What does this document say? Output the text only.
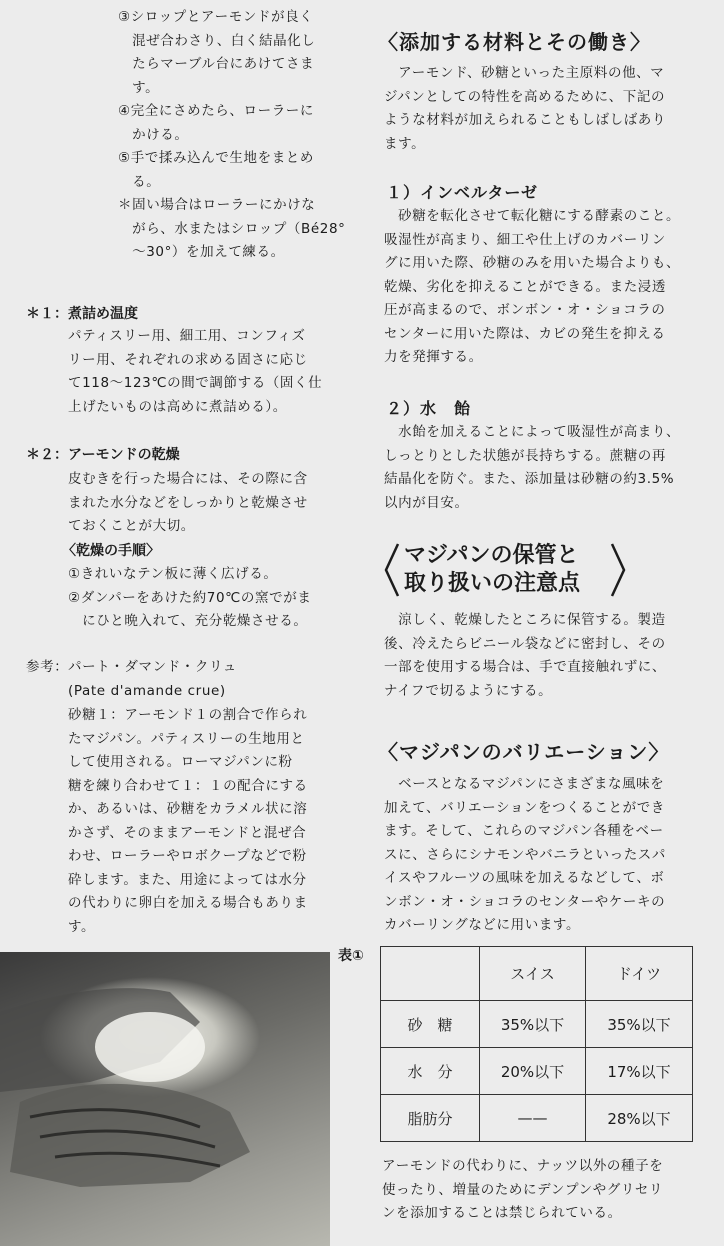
③シロップとアーモンドが良く
　混ぜ合わさり、白く結晶化し
　たらマーブル台にあけてさま
　す。
④完全にさめたら、ローラーに
　かける。
⑤手で揉み込んで生地をまとめ
　る。
＊固い場合はローラーにかけな
　がら、水またはシロップ（Bé28°
　～30°）を加えて練る。
＊１：煮詰め温度
パティスリー用、細工用、コンフィズ
リー用、それぞれの求める固さに応じ
て118～123℃の間で調節する（固く仕
上げたいものは高めに煮詰める）。
＊２：アーモンドの乾燥
皮むきを行った場合には、その際に含
まれた水分などをしっかりと乾燥させ
ておくことが大切。
〈乾燥の手順〉
①きれいなテン板に薄く広げる。
②ダンパーをあけた約70℃の窯でがま
　にひと晩入れて、充分乾燥させる。
参考： パート・ダマンド・クリュ
(Pate d'amande crue)
砂糖１：アーモンド１の割合で作られ
たマジパン。パティスリーの生地用と
して使用される。ローマジパンに粉
糖を練り合わせて１：１の配合にする
か、あるいは、砂糖をカラメル状に溶
かさず、そのままアーモンドと混ぜ合
わせ、ローラーやロボクープなどで粉
砕します。また、用途によっては水分
の代わりに卵白を加える場合もありま
す。
〈添加する材料とその働き〉
　アーモンド、砂糖といった主原料の他、マ
ジパンとしての特性を高めるために、下記の
ような材料が加えられることもしばしばあり
ます。
１）インベルターゼ
　砂糖を転化させて転化糖にする酵素のこと。
吸湿性が高まり、細工や仕上げのカバーリン
グに用いた際、砂糖のみを用いた場合よりも、
乾燥、劣化を抑えることができる。また浸透
圧が高まるので、ボンボン・オ・ショコラの
センターに用いた際は、カビの発生を抑える
力を発揮する。
２）水　飴
　水飴を加えることによって吸湿性が高まり、
しっとりとした状態が長持ちする。蔗糖の再
結晶化を防ぐ。また、添加量は砂糖の約3.5%
以内が目安。
マジパンの保管と
取り扱いの注意点
　涼しく、乾燥したところに保管する。製造
後、冷えたらビニール袋などに密封し、その
一部を使用する場合は、手で直接触れずに、
ナイフで切るようにする。
〈マジパンのバリエーション〉
　ベースとなるマジパンにさまざまな風味を
加えて、バリエーションをつくることができ
ます。そして、これらのマジパン各種をベー
スに、さらにシナモンやバニラといったスパ
イスやフルーツの風味を加えるなどして、ボ
ンボン・オ・ショコラのセンターやケーキの
カバーリングなどに用います。
表①
	スイス	ドイツ
砂　糖	35%以下	35%以下
水　分	20%以下	17%以下
脂肪分	——	28%以下
アーモンドの代わりに、ナッツ以外の種子を
使ったり、増量のためにデンプンやグリセリ
ンを添加することは禁じられている。
